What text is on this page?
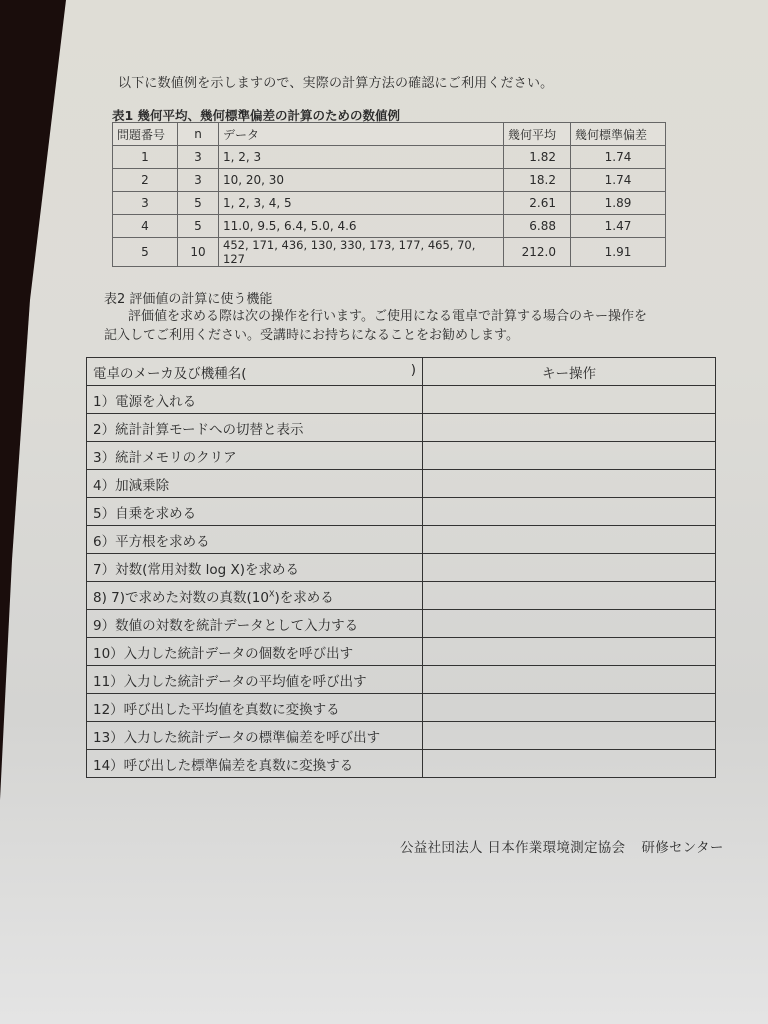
以下に数値例を示しますので、実際の計算方法の確認にご利用ください。
表1 幾何平均、幾何標準偏差の計算のための数値例
問題番号	n	データ	幾何平均	幾何標準偏差
1	3	1, 2, 3	1.82	1.74
2	3	10, 20, 30	18.2	1.74
3	5	1, 2, 3, 4, 5	2.61	1.89
4	5	11.0, 9.5, 6.4, 5.0, 4.6	6.88	1.47
5	10	452, 171, 436, 130, 330, 173, 177, 465, 70, 127	212.0	1.91
表2 評価値の計算に使う機能
評価値を求める際は次の操作を行います。ご使用になる電卓で計算する場合のキー操作を
記入してご利用ください。受講時にお持ちになることをお勧めします。
電卓のメーカ及び機種名( )	キー操作
1）電源を入れる	
2）統計計算モードへの切替と表示	
3）統計メモリのクリア	
4）加減乗除	
5）自乗を求める	
6）平方根を求める	
7）対数(常用対数 log X)を求める	
8) 7)で求めた対数の真数$(10^X)$を求める	
9）数値の対数を統計データとして入力する	
10）入力した統計データの個数を呼び出す	
11）入力した統計データの平均値を呼び出す	
12）呼び出した平均値を真数に変換する	
13）入力した統計データの標準偏差を呼び出す	
14）呼び出した標準偏差を真数に変換する	
公益社団法人 日本作業環境測定協会 研修センター
